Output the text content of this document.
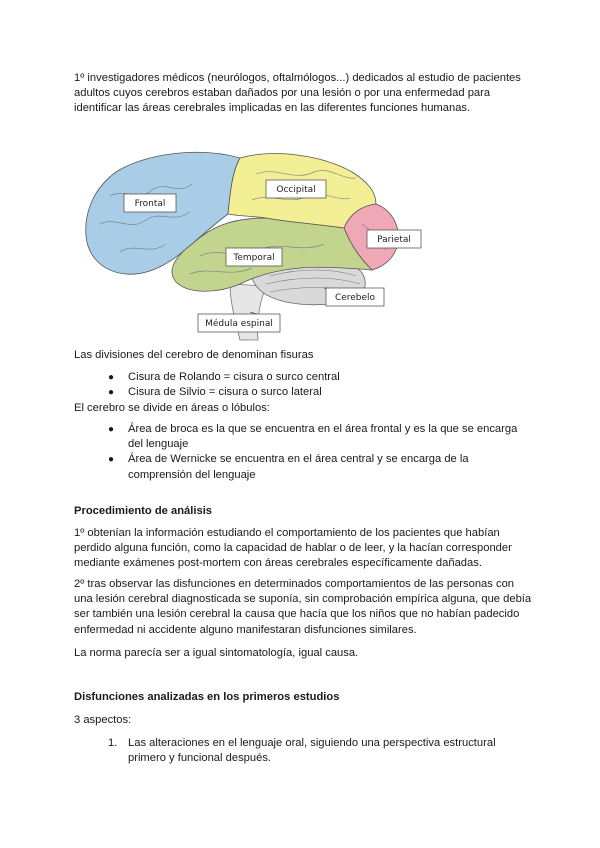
1º investigadores médicos (neurólogos, oftalmólogos...) dedicados al estudio de pacientes adultos cuyos cerebros estaban dañados por una lesión o por una enfermedad para identificar las áreas cerebrales implicadas en las diferentes funciones humanas.

Frontal
Occipital
Parietal
Temporal
Cerebelo
Médula espinal

Las divisiones del cerebro de denominan fisuras

● Cisura de Rolando = cisura o surco central
● Cisura de Silvio = cisura o surco lateral

El cerebro se divide en áreas o lóbulos:

● Área de broca es la que se encuentra en el área frontal y es la que se encarga del lenguaje
● Área de Wernicke se encuentra en el área central y se encarga de la comprensión del lenguaje
Procedimiento de análisis

1º obtenían la información estudiando el comportamiento de los pacientes que habían perdido alguna función, como la capacidad de hablar o de leer, y la hacían corresponder mediante exámenes post-mortem con áreas cerebrales específicamente dañadas.

2º tras observar las disfunciones en determinados comportamientos de las personas con una lesión cerebral diagnosticada se suponía, sin comprobación empírica alguna, que debía ser también una lesión cerebral la causa que hacía que los niños que no habían padecido enfermedad ni accidente alguno manifestaran disfunciones similares.

La norma parecía ser a igual sintomatología, igual causa.

Disfunciones analizadas en los primeros estudios

3 aspectos:

1. Las alteraciones en el lenguaje oral, siguiendo una perspectiva estructural primero y funcional después.
